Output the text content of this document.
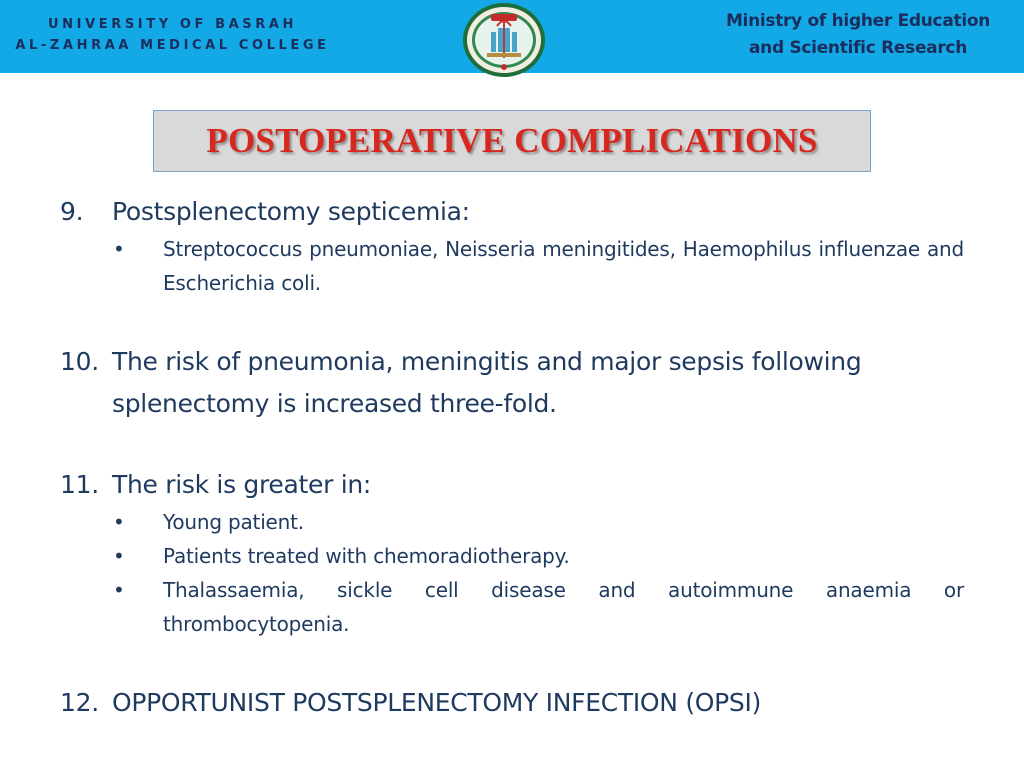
UNIVERSITY OF BASRAH
AL-ZAHRAA MEDICAL COLLEGE
Ministry of higher Education
and Scientific Research
POSTOPERATIVE COMPLICATIONS
9. Postsplenectomy septicemia:
• Streptococcus pneumoniae, Neisseria meningitides, Haemophilus influenzae and Escherichia coli.
10. The risk of pneumonia, meningitis and major sepsis following splenectomy is increased three-fold.
11. The risk is greater in:
• Young patient.
• Patients treated with chemoradiotherapy.
• Thalassaemia, sickle cell disease and autoimmune anaemia or thrombocytopenia.
12. OPPORTUNIST POSTSPLENECTOMY INFECTION (OPSI)
